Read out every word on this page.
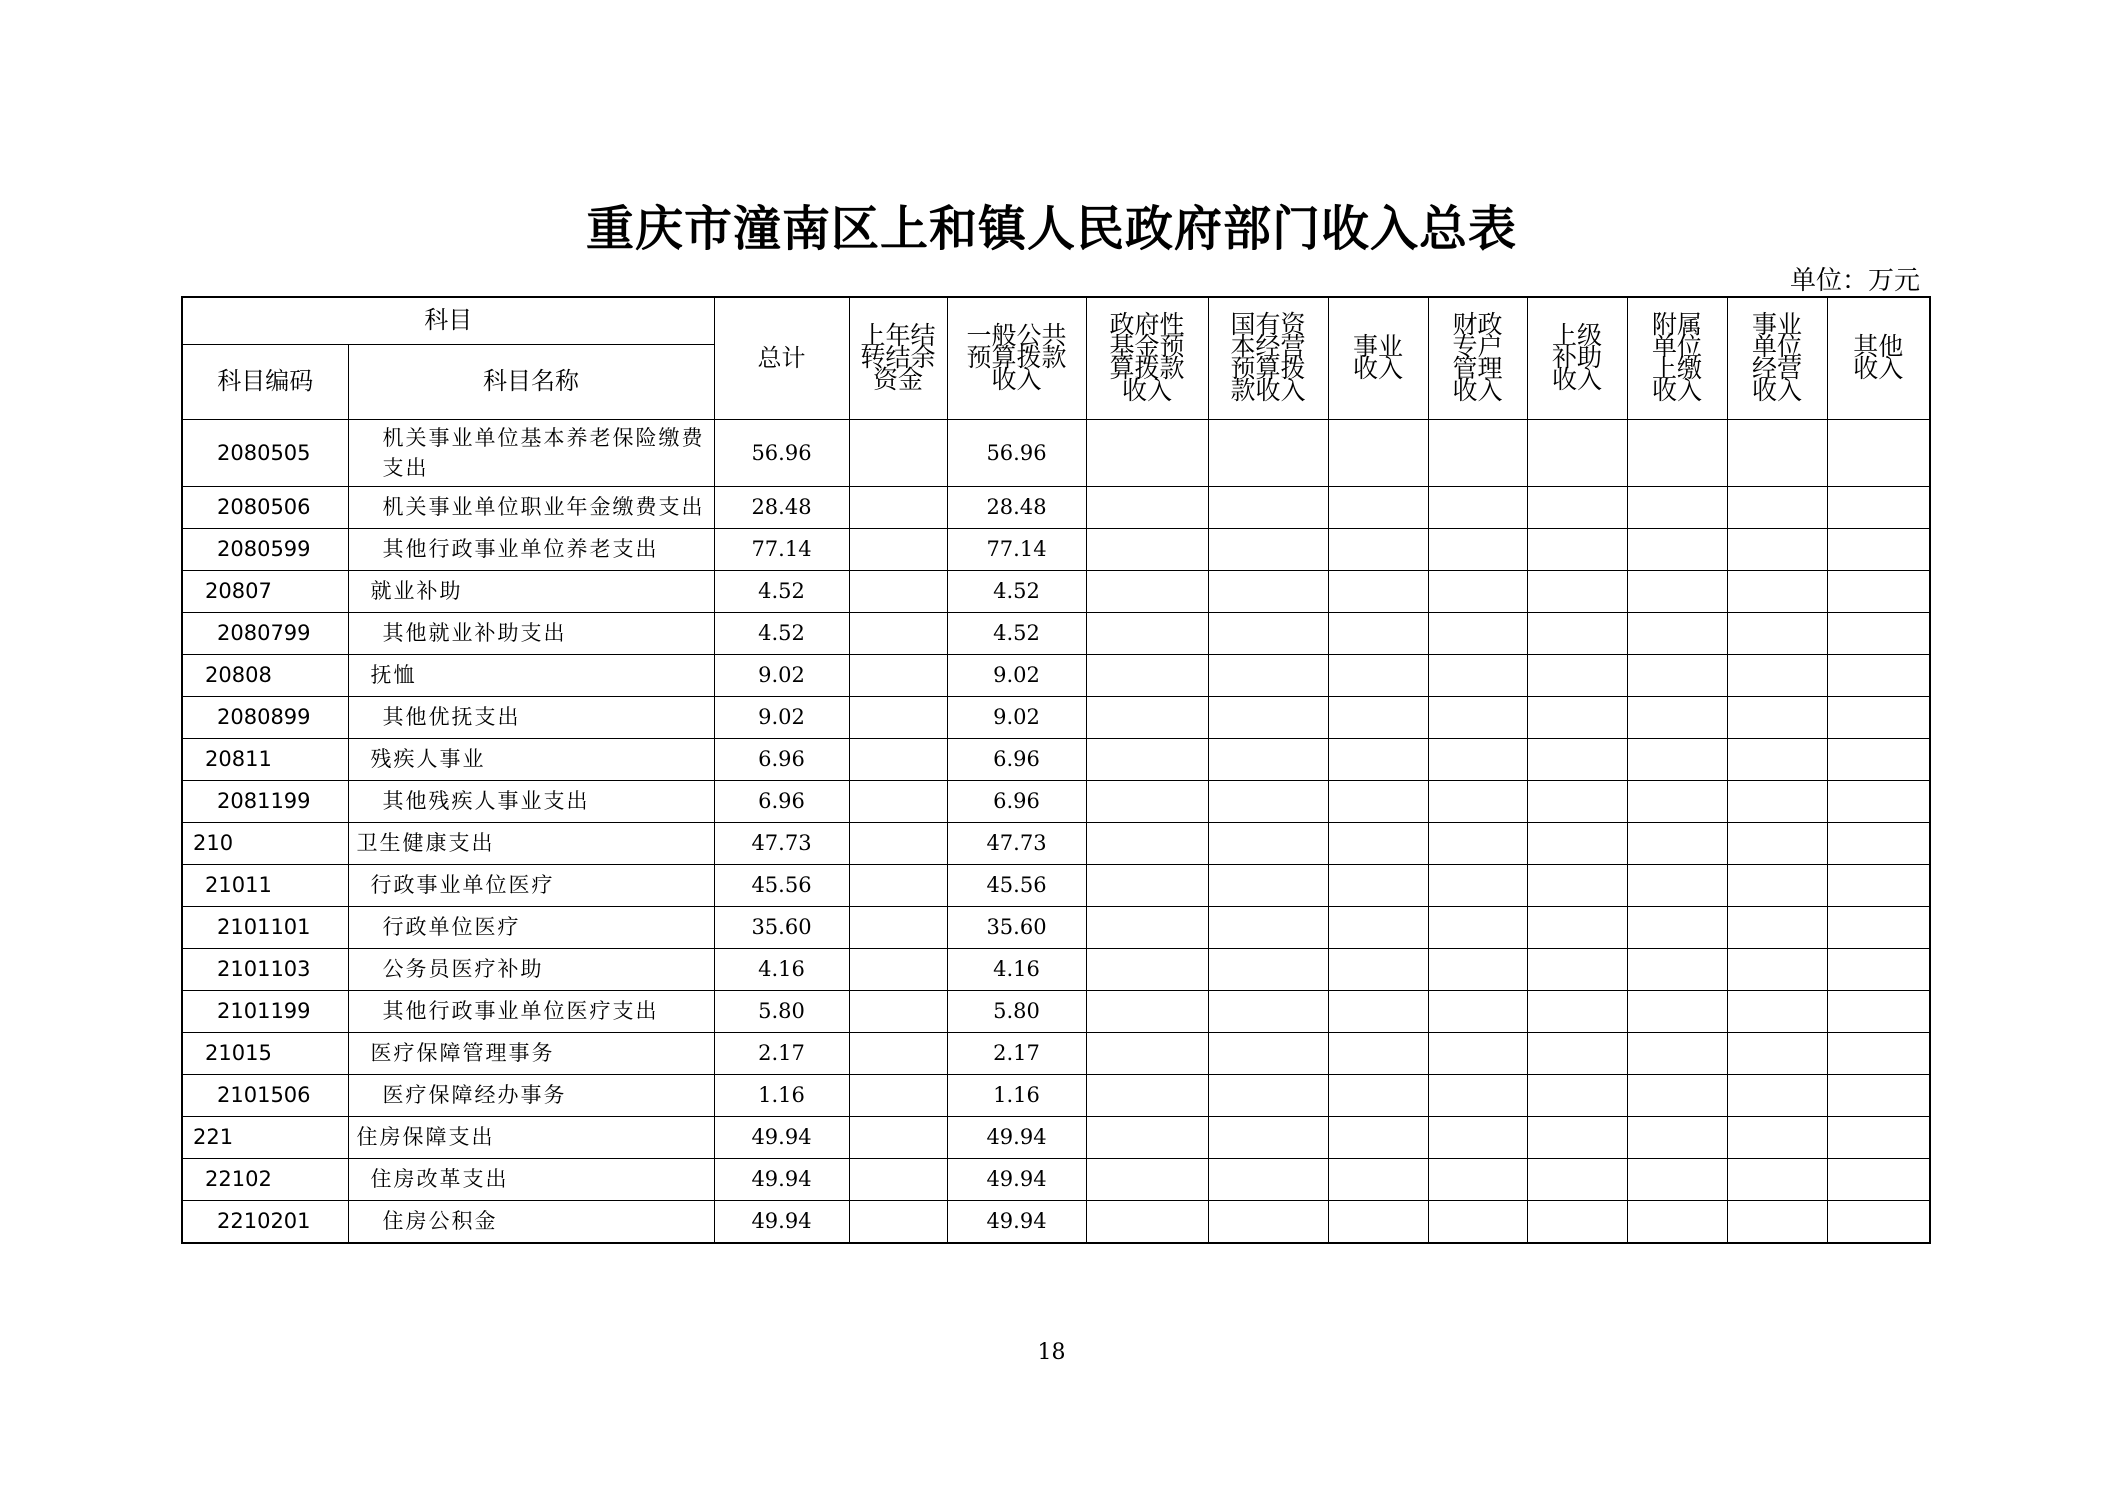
重庆市潼南区上和镇人民政府部门收入总表
单位：万元
科目		总计	上年结转结余资金	一般公共预算拨款收入	政府性基金预算拨款收入	国有资本经营预算拨款收入	事业收入	财政专户管理收入	上级补助收入	附属单位上缴收入	事业单位经营收入	其他收入

科目编码	科目名称											
2080505	机关事业单位基本养老保险缴费支出	56.96		56.96								
2080506	机关事业单位职业年金缴费支出	28.48		28.48								
2080599	其他行政事业单位养老支出	77.14		77.14								
20807	就业补助	4.52		4.52								
2080799	其他就业补助支出	4.52		4.52								
20808	抚恤	9.02		9.02								
2080899	其他优抚支出	9.02		9.02								
20811	残疾人事业	6.96		6.96								
2081199	其他残疾人事业支出	6.96		6.96								
210	卫生健康支出	47.73		47.73								
21011	行政事业单位医疗	45.56		45.56								
2101101	行政单位医疗	35.60		35.60								
2101103	公务员医疗补助	4.16		4.16								
2101199	其他行政事业单位医疗支出	5.80		5.80								
21015	医疗保障管理事务	2.17		2.17								
2101506	医疗保障经办事务	1.16		1.16								
221	住房保障支出	49.94		49.94								
22102	住房改革支出	49.94		49.94								
2210201	住房公积金	49.94		49.94								
18
